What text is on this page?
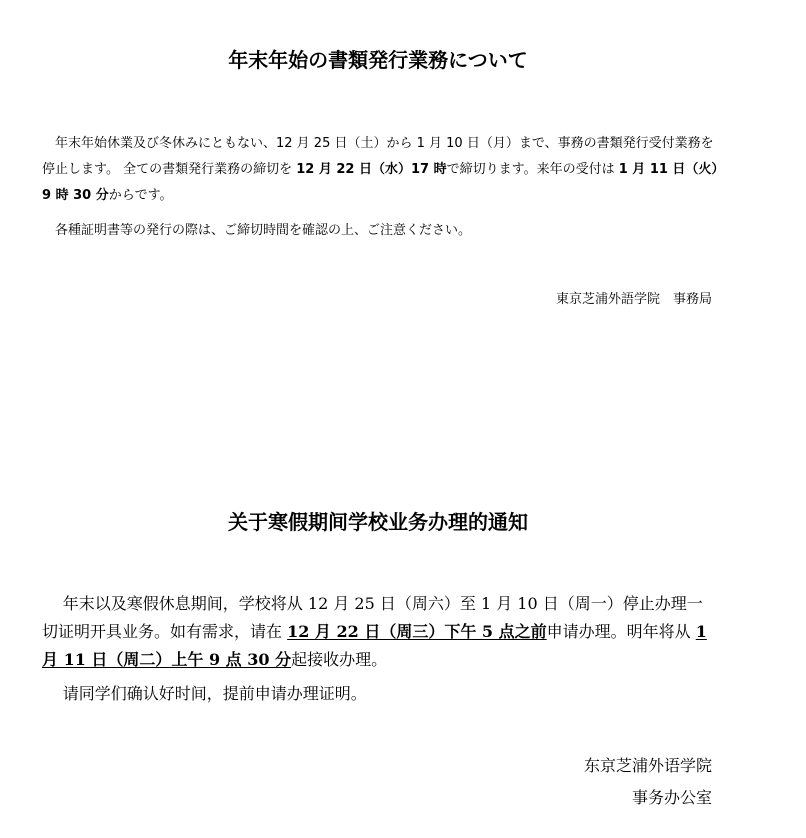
年末年始の書類発行業務について

年末年始休業及び冬休みにともない、12 月 25 日（土）から 1 月 10 日（月）まで、事務の書類発行受付業務を停止します。 全ての書類発行業務の締切を 12 月 22 日（水）17 時で締切ります。来年の受付は 1 月 11 日（火）9 時 30 分からです。

各種証明書等の発行の際は、ご締切時間を確認の上、ご注意ください。

東京芝浦外語学院　事務局
关于寒假期间学校业务办理的通知

年末以及寒假休息期间，学校将从 12 月 25 日（周六）至 1 月 10 日（周一）停止办理一切证明开具业务。如有需求，请在 12 月 22 日（周三）下午 5 点之前申请办理。明年将从 1 月 11 日（周二）上午 9 点 30 分起接收办理。

请同学们确认好时间，提前申请办理证明。

东京芝浦外语学院
事务办公室
